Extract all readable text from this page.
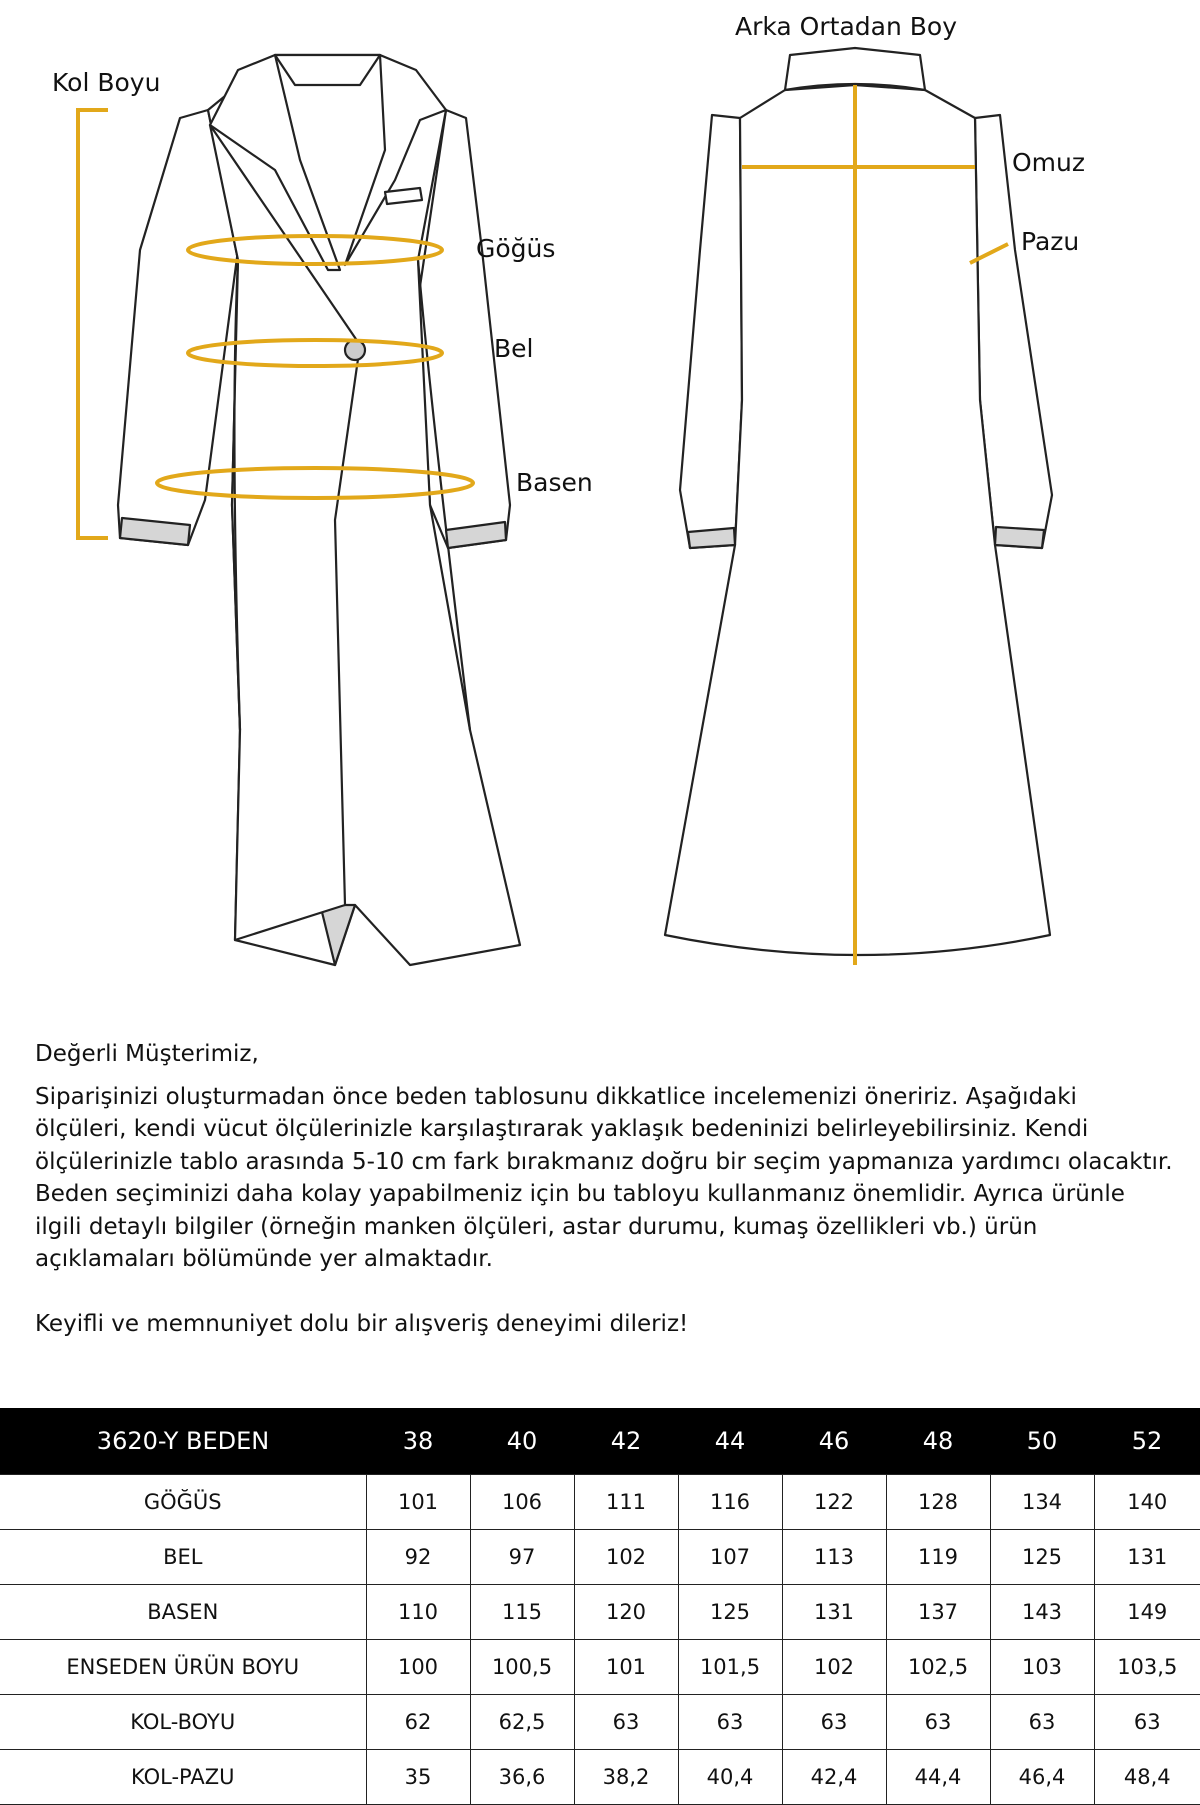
Kol Boyu
Göğüs
Bel
Basen
Arka Ortadan Boy
Omuz
Pazu

Değerli Müşterimiz,

Siparişinizi oluşturmadan önce beden tablosunu dikkatlice incelemenizi öneririz. Aşağıdaki ölçüleri, kendi vücut ölçülerinizle karşılaştırarak yaklaşık bedeninizi belirleyebilirsiniz. Kendi ölçülerinizle tablo arasında 5-10 cm fark bırakmanız doğru bir seçim yapmanıza yardımcı olacaktır.

Beden seçiminizi daha kolay yapabilmeniz için bu tabloyu kullanmanız önemlidir. Ayrıca ürünle ilgili detaylı bilgiler (örneğin manken ölçüleri, astar durumu, kumaş özellikleri vb.) ürün açıklamaları bölümünde yer almaktadır.

Keyifli ve memnuniyet dolu bir alışveriş deneyimi dileriz!

3620-Y BEDEN	38	40	42	44	46	48	50	52
GÖĞÜS	101	106	111	116	122	128	134	140
BEL	92	97	102	107	113	119	125	131
BASEN	110	115	120	125	131	137	143	149
ENSEDEN ÜRÜN BOYU	100	100,5	101	101,5	102	102,5	103	103,5
KOL-BOYU	62	62,5	63	63	63	63	63	63
KOL-PAZU	35	36,6	38,2	40,4	42,4	44,4	46,4	48,4
